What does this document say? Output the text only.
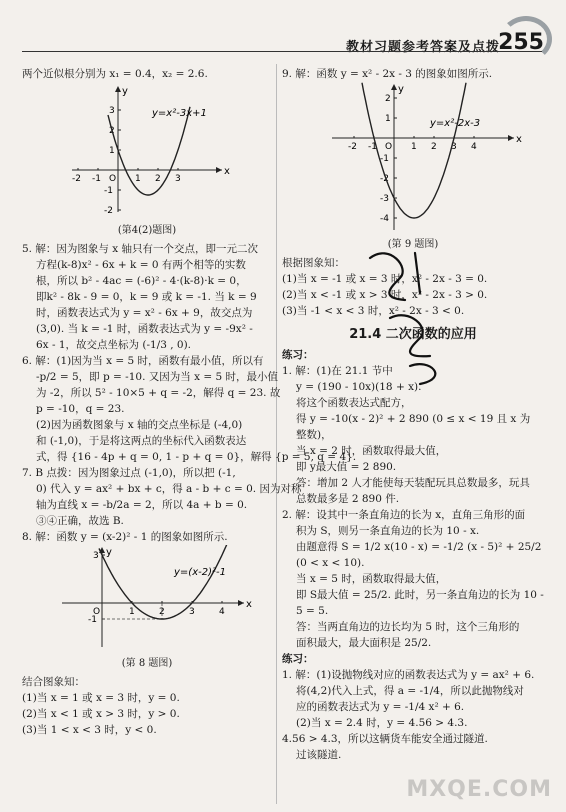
教材习题参考答案及点拨
255

两个近似根分别为 x₁ = 0.4，x₂ = 2.6.

-2 -1 O 1 2 3
3
2
1
-1
-2
x
y
y=x²-3x+1

(第4(2)题图)

5. 解：因为图象与 x 轴只有一个交点，即一元二次

方程(k-8)x² - 6x + k = 0 有两个相等的实数

根，所以 b² - 4ac = (-6)² - 4·(k-8)·k = 0，

即k² - 8k - 9 = 0，k = 9 或 k = -1. 当 k = 9

时，函数表达式为 y = x² - 6x + 9，故交点为

(3,0). 当 k = -1 时，函数表达式为 y = -9x² -

6x - 1，故交点坐标为 (-1/3 , 0).

6. 解：(1)因为当 x = 5 时，函数有最小值，所以有

-p/2 = 5，即 p = -10. 又因为当 x = 5 时，最小值

为 -2，所以 5² - 10×5 + q = -2，解得 q = 23. 故

p = -10，q = 23.

(2)因为函数图象与 x 轴的交点坐标是 (-4,0)

和 (-1,0)，于是将这两点的坐标代入函数表达

式，得 {16 - 4p + q = 0, 1 - p + q = 0}，解得 {p = 5, q = 4}.

7. B 点拨：因为图象过点 (-1,0)，所以把 (-1,

0) 代入 y = ax² + bx + c，得 a - b + c = 0. 因为对称

轴为直线 x = -b/2a = 2，所以 4a + b = 0.

③④正确，故选 B.

8. 解：函数 y = (x-2)² - 1 的图象如图所示.

O	1	2	3	4
3
-1
x
y
y=(x-2)²-1

(第 8 题图)

结合图象知：

(1)当 x = 1 或 x = 3 时，y = 0.

(2)当 x < 1 或 x > 3 时，y > 0.

(3)当 1 < x < 3 时，y < 0.

9. 解：函数 y = x² - 2x - 3 的图象如图所示.

-2 -1 O 1 2 3 4
2
1
-1
-2
-3
-4
x
y
y=x²-2x-3

(第 9 题图)

根据图象知：

(1)当 x = -1 或 x = 3 时，x² - 2x - 3 = 0.

(2)当 x < -1 或 x > 3 时，x² - 2x - 3 > 0.

(3)当 -1 < x < 3 时，x² - 2x - 3 < 0.

21.4 二次函数的应用

练习：

1. 解：(1)在 21.1 节中

y = (190 - 10x)(18 + x).

将这个函数表达式配方，

得 y = -10(x - 2)² + 2 890 (0 ≤ x < 19 且 x 为

整数)，

当 x = 2 时，函数取得最大值，

即 y最大值 = 2 890.

答：增加 2 人才能使每天装配玩具总数最多，玩具

总数最多是 2 890 件.

2. 解：设其中一条直角边的长为 x，直角三角形的面

积为 S，则另一条直角边的长为 10 - x.

由题意得 S = 1/2 x(10 - x) = -1/2 (x - 5)² + 25/2

(0 < x < 10).

当 x = 5 时，函数取得最大值，

即 S最大值 = 25/2. 此时，另一条直角边的长为 10 -

5 = 5.

答：当两直角边的边长均为 5 时，这个三角形的

面积最大，最大面积是 25/2.

练习：

1. 解：(1)设抛物线对应的函数表达式为 y = ax² + 6.

将(4,2)代入上式，得 a = -1/4，所以此抛物线对

应的函数表达式为 y = -1/4 x² + 6.

(2)当 x = 2.4 时，y = 4.56 > 4.3.

4.56 > 4.3，所以这辆货车能安全通过隧道.

过该隧道.

MXQE.COM
